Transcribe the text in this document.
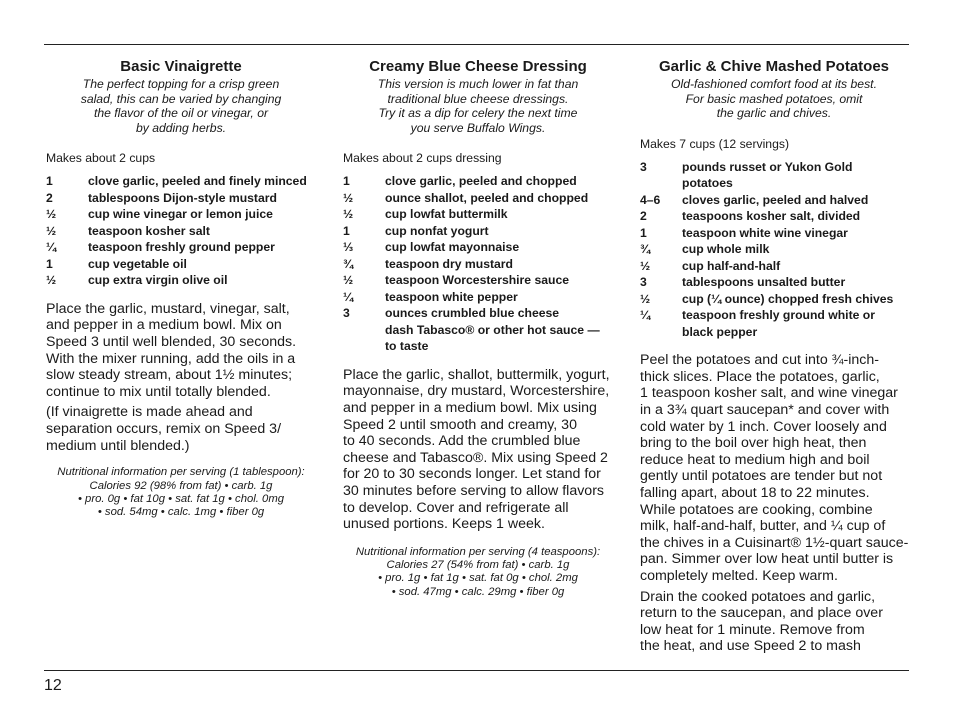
Basic Vinaigrette

The perfect topping for a crisp green
salad, this can be varied by changing
the flavor of the oil or vinegar, or
by adding herbs.

Makes about 2 cups

1	clove garlic, peeled and finely minced
2	tablespoons Dijon-style mustard
½	cup wine vinegar or lemon juice
½	teaspoon kosher salt
¼	teaspoon freshly ground pepper
1	cup vegetable oil
½	cup extra virgin olive oil

Place the garlic, mustard, vinegar, salt,
and pepper in a medium bowl. Mix on
Speed 3 until well blended, 30 seconds.
With the mixer running, add the oils in a
slow steady stream, about 1½ minutes;
continue to mix until totally blended.

(If vinaigrette is made ahead and
separation occurs, remix on Speed 3/
medium until blended.)

Nutritional information per serving (1 tablespoon):
Calories 92 (98% from fat) • carb. 1g
• pro. 0g • fat 10g • sat. fat 1g • chol. 0mg
• sod. 54mg • calc. 1mg • fiber 0g

Creamy Blue Cheese Dressing

This version is much lower in fat than
traditional blue cheese dressings.
Try it as a dip for celery the next time
you serve Buffalo Wings.

Makes about 2 cups dressing

1	clove garlic, peeled and chopped
½	ounce shallot, peeled and chopped
½	cup lowfat buttermilk
1	cup nonfat yogurt
⅓	cup lowfat mayonnaise
¾	teaspoon dry mustard
½	teaspoon Worcestershire sauce
¼	teaspoon white pepper
3	ounces crumbled blue cheese
dash Tabasco® or other hot sauce —
to taste

Place the garlic, shallot, buttermilk, yogurt,
mayonnaise, dry mustard, Worcestershire,
and pepper in a medium bowl. Mix using
Speed 2 until smooth and creamy, 30
to 40 seconds. Add the crumbled blue
cheese and Tabasco®. Mix using Speed 2
for 20 to 30 seconds longer. Let stand for
30 minutes before serving to allow flavors
to develop. Cover and refrigerate all
unused portions. Keeps 1 week.

Nutritional information per serving (4 teaspoons):
Calories 27 (54% from fat) • carb. 1g
• pro. 1g • fat 1g • sat. fat 0g • chol. 2mg
• sod. 47mg • calc. 29mg • fiber 0g

Garlic & Chive Mashed Potatoes

Old-fashioned comfort food at its best.
For basic mashed potatoes, omit
the garlic and chives.

Makes 7 cups (12 servings)

3	pounds russet or Yukon Gold
potatoes
4–6	cloves garlic, peeled and halved
2	teaspoons kosher salt, divided
1	teaspoon white wine vinegar
¾	cup whole milk
½	cup half-and-half
3	tablespoons unsalted butter
½	cup (¼ ounce) chopped fresh chives
¼	teaspoon freshly ground white or
black pepper

Peel the potatoes and cut into ¾-inch-
thick slices. Place the potatoes, garlic,
1 teaspoon kosher salt, and wine vinegar
in a 3¾ quart saucepan* and cover with
cold water by 1 inch. Cover loosely and
bring to the boil over high heat, then
reduce heat to medium high and boil
gently until potatoes are tender but not
falling apart, about 18 to 22 minutes.
While potatoes are cooking, combine
milk, half-and-half, butter, and ¼ cup of
the chives in a Cuisinart® 1½-quart sauce-
pan. Simmer over low heat until butter is
completely melted. Keep warm.

Drain the cooked potatoes and garlic,
return to the saucepan, and place over
low heat for 1 minute. Remove from
the heat, and use Speed 2 to mash

12
